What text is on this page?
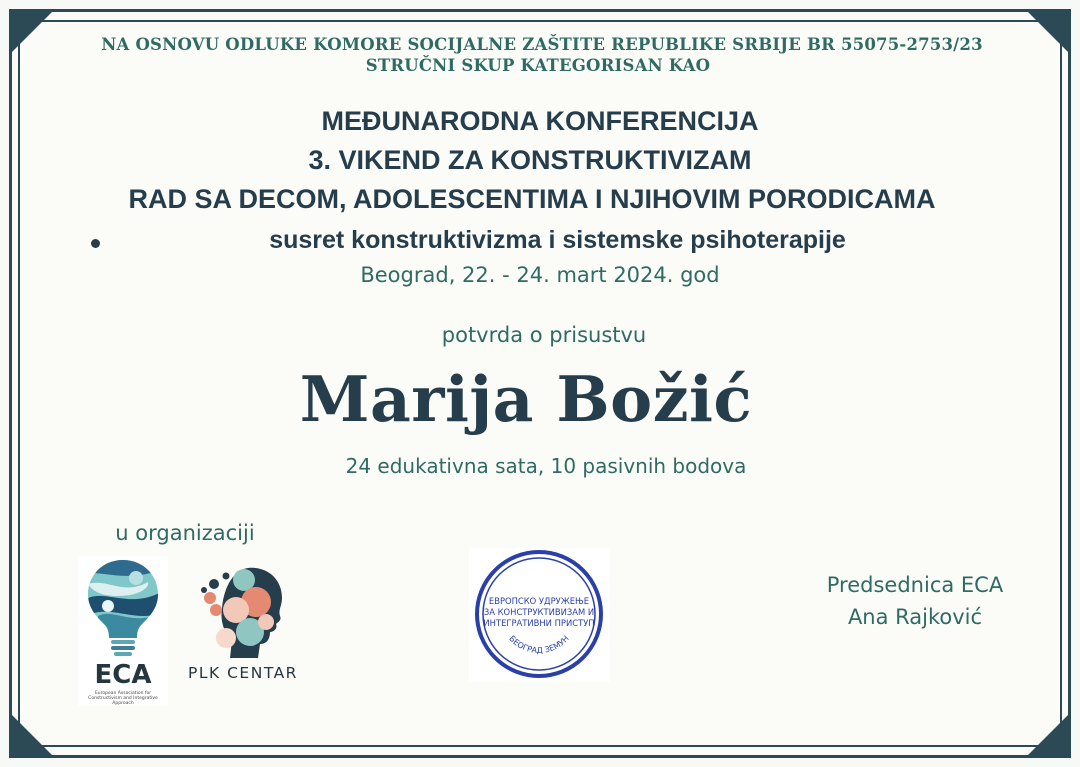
NA OSNOVU ODLUKE KOMORE SOCIJALNE ZAŠTITE REPUBLIKE SRBIJE BR 55075-2753/23
STRUČNI SKUP KATEGORISAN KAO
MEĐUNARODNA KONFERENCIJA
3. VIKEND ZA KONSTRUKTIVIZAM
RAD SA DECOM, ADOLESCENTIMA I NJIHOVIM PORODICAMA
susret konstruktivizma i sistemske psihoterapije
Beograd, 22. - 24. mart 2024. god
potvrda o prisustvu
Marija Božić
24 edukativna sata, 10 pasivnih bodova
u organizaciji
ECA
European Association for Constructivism and Integrative Approach
PLK CENTAR
ЕВРОПСКО УДРУЖЕЊЕ
ЗА КОНСТРУКТИВИЗАМ И
ИНТЕГРАТИВНИ ПРИСТУП
БЕОГРАД ЗЕМУН
Predsednica ECA
Ana Rajković
